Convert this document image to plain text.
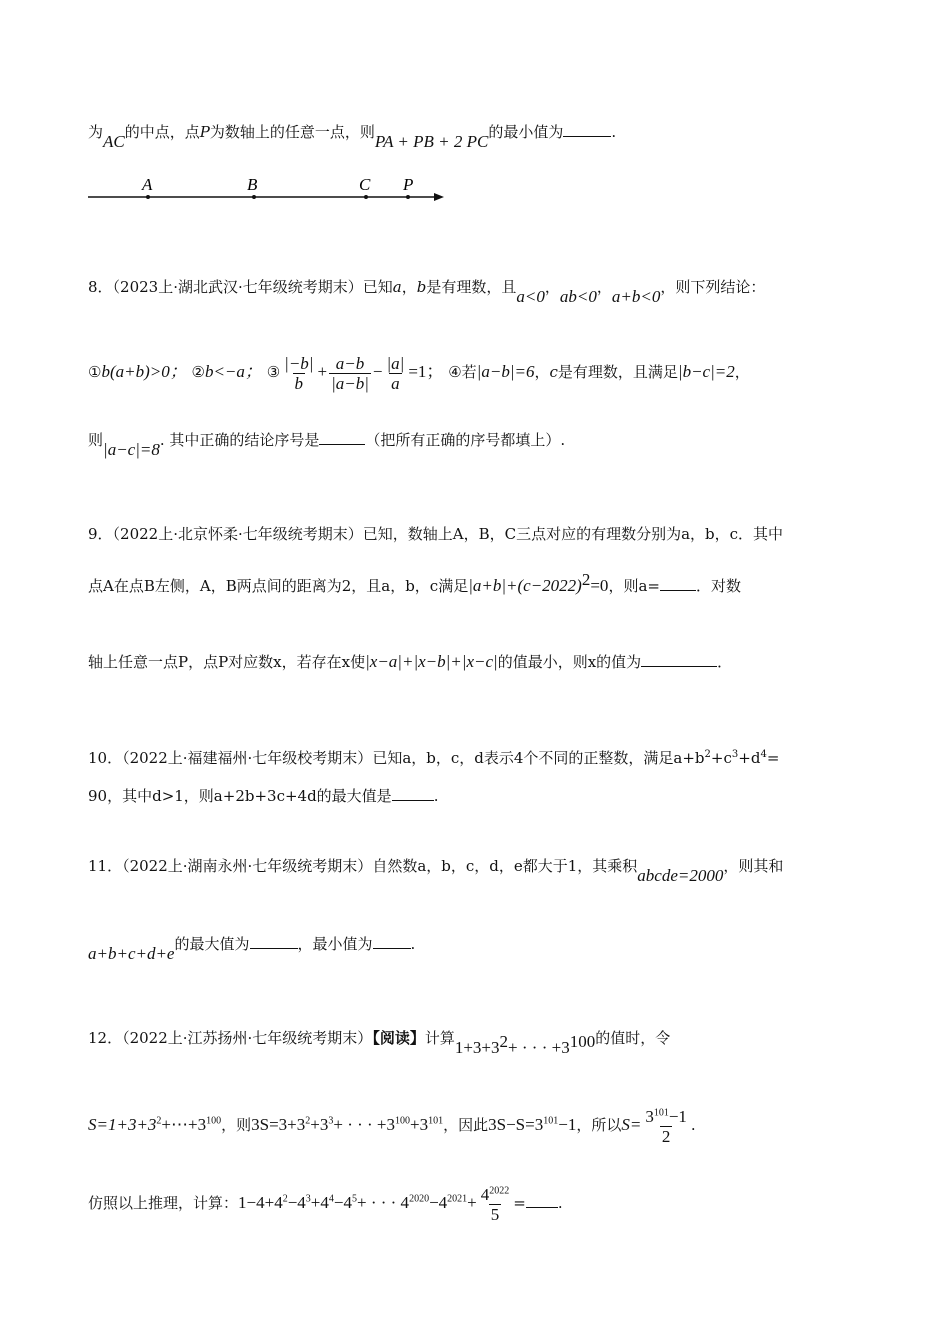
为AC的中点，点P为数轴上的任意一点，则PA + PB + 2 PC的最小值为	.
A	B	C P
8．（2023上·湖北武汉·七年级统考期末）已知a，b是有理数，且a<0，ab<0，a+b<0，则下列结论：
①b(a+b)>0； ②b<−a； ③ $\frac{|-b|}{b} + \frac{a-b}{|a-b|} - \frac{|a|}{a} =1$； ④若|a−b|=6，c是有理数，且满足|b−c|=2，
则|a−c|=8. 其中正确的结论序号是	（把所有正确的序号都填上）.
9．（2022上·北京怀柔·七年级统考期末）已知，数轴上A，B，C三点对应的有理数分别为a，b，c．其中
点A在点B左侧，A，B两点间的距离为2，且a，b，c满足$|a+b|+(c-2022)^2=0$，则a= ．对数
轴上任意一点P，点P对应数x，若存在x使|x−a|+|x−b|+|x−c|的值最小，则x的值为	．
10．（2022上·福建福州·七年级校考期末）已知a，b，c，d表示4个不同的正整数，满足$a+b^2+c^3+d^4=$
90，其中d>1，则a+2b+3c+4d的最大值是	.
11．（2022上·湖南永州·七年级统考期末）自然数a，b，c，d，e都大于1，其乘积abcde=2000，则其和
a+b+c+d+e的最大值为	，最小值为	.
12．（2022上·江苏扬州·七年级统考期末）【阅读】计算$1+3+3^2+$ · · · $+3^{100}$的值时，令
$S=1+3+3^2+\cdots+3^{100}$，则$3S=3+3^2+3^3+$ · · · $+3^{100}+3^{101}$，因此$3S-S=3^{101}-1$，所以$S= \frac{3^{101}-1}{2}$ .
仿照以上推理，计算：$1-4+4^2-4^3+4^4-4^5+$ · · · $4^{2020}-4^{2021}+ \frac{4^{2022}}{5}$ = .
